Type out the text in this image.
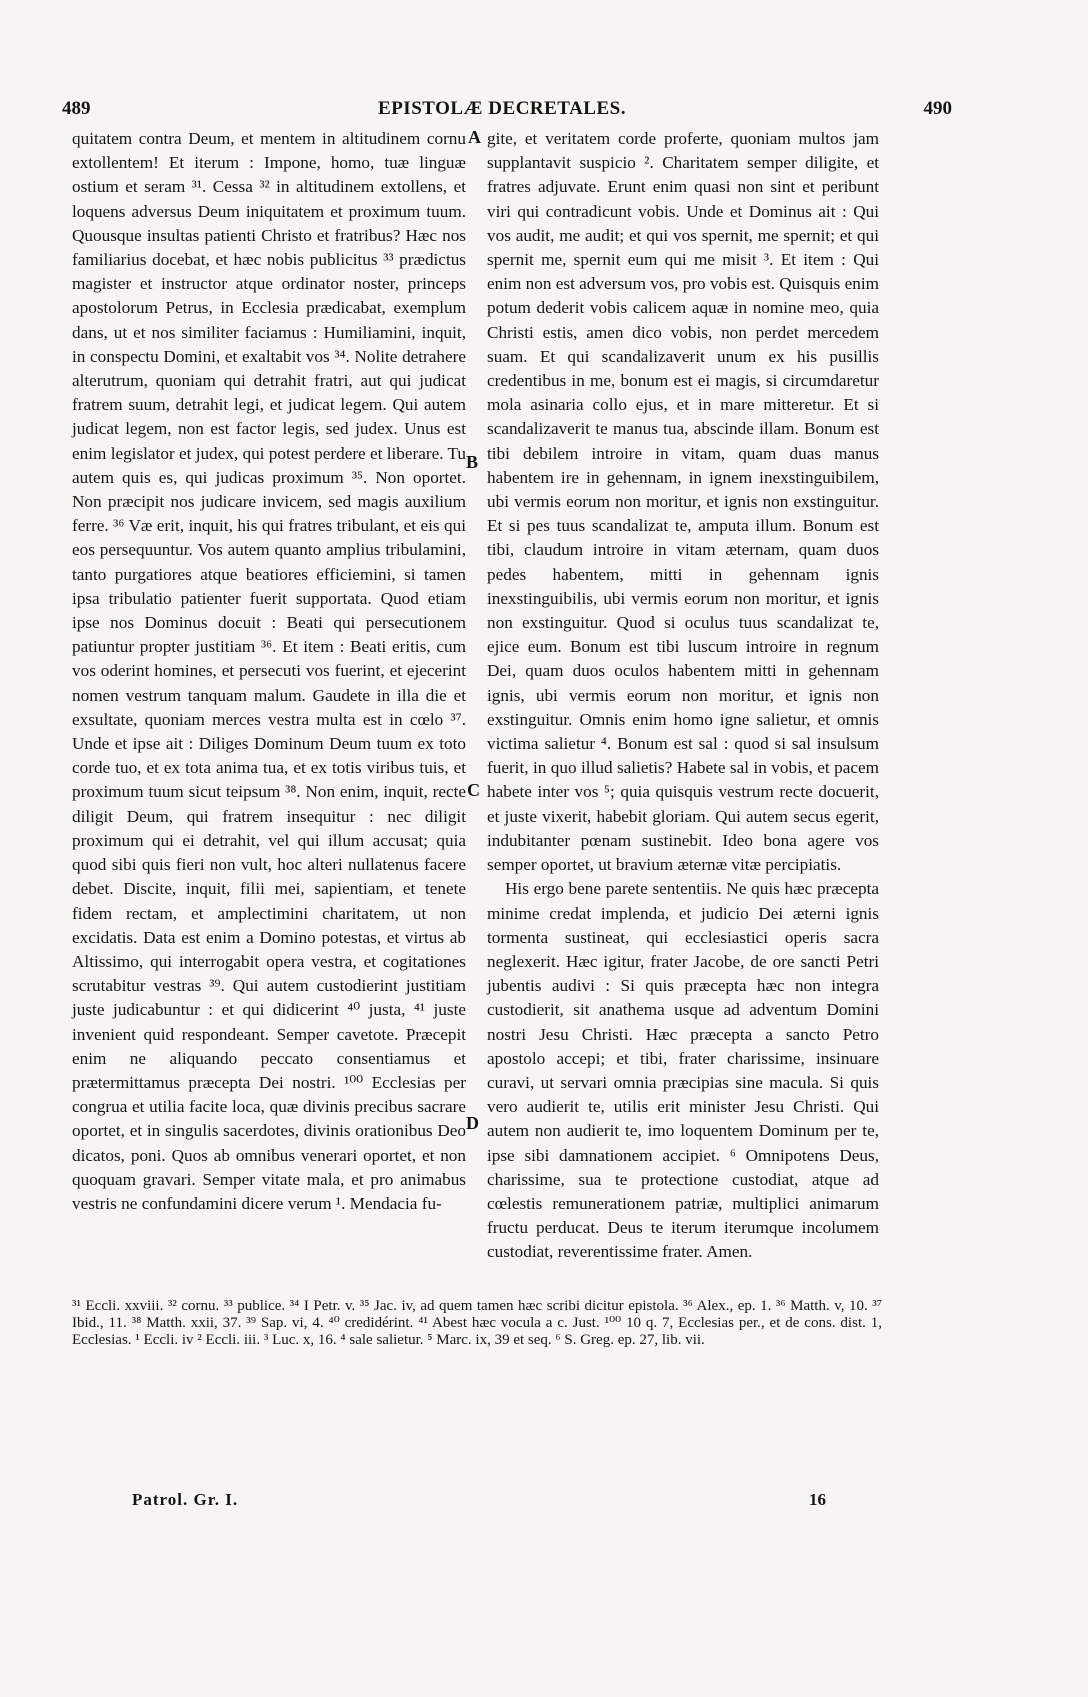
489	EPISTOLÆ DECRETALES.	490

quitatem contra Deum, et mentem in altitudinem cornu extollentem! Et iterum : Impone, homo, tuæ linguæ ostium et seram ³¹. Cessa ³² in altitudinem extollens, et loquens adversus Deum iniquitatem et proximum tuum. Quousque insultas patienti Christo et fratribus? Hæc nos familiarius docebat, et hæc nobis publicitus ³³ prædictus magister et instructor atque ordinator noster, princeps apostolorum Petrus, in Ecclesia prædicabat, exemplum dans, ut et nos similiter faciamus : Humiliamini, inquit, in conspectu Domini, et exaltabit vos ³⁴. Nolite detrahere alterutrum, quoniam qui detrahit fratri, aut qui judicat fratrem suum, detrahit legi, et judicat legem. Qui autem judicat legem, non est factor legis, sed judex. Unus est enim legislator et judex, qui potest perdere et liberare. Tu autem quis es, qui judicas proximum ³⁵. Non oportet. Non præcipit nos judicare invicem, sed magis auxilium ferre. ³⁶ Væ erit, inquit, his qui fratres tribulant, et eis qui eos persequuntur. Vos autem quanto amplius tribulamini, tanto purgatiores atque beatiores efficiemini, si tamen ipsa tribulatio patienter fuerit supportata. Quod etiam ipse nos Dominus docuit : Beati qui persecutionem patiuntur propter justitiam ³⁶. Et item : Beati eritis, cum vos oderint homines, et persecuti vos fuerint, et ejecerint nomen vestrum tanquam malum. Gaudete in illa die et exsultate, quoniam merces vestra multa est in cœlo ³⁷. Unde et ipse ait : Diliges Dominum Deum tuum ex toto corde tuo, et ex tota anima tua, et ex totis viribus tuis, et proximum tuum sicut teipsum ³⁸. Non enim, inquit, recte diligit Deum, qui fratrem insequitur : nec diligit proximum qui ei detrahit, vel qui illum accusat; quia quod sibi quis fieri non vult, hoc alteri nullatenus facere debet. Discite, inquit, filii mei, sapientiam, et tenete fidem rectam, et amplectimini charitatem, ut non excidatis. Data est enim a Domino potestas, et virtus ab Altissimo, qui interrogabit opera vestra, et cogitationes scrutabitur vestras ³⁹. Qui autem custodierint justitiam juste judicabuntur : et qui didicerint ⁴⁰ justa, ⁴¹ juste invenient quid respondeant. Semper cavetote. Præcepit enim ne aliquando peccato consentiamus et prætermittamus præcepta Dei nostri. ¹⁰⁰ Ecclesias per congrua et utilia facite loca, quæ divinis precibus sacrare oportet, et in singulis sacerdotes, divinis orationibus Deo dicatos, poni. Quos ab omnibus venerari oportet, et non quoquam gravari. Semper vitate mala, et pro animabus vestris ne confundamini dicere verum ¹. Mendacia fu-

gite, et veritatem corde proferte, quoniam multos jam supplantavit suspicio ². Charitatem semper diligite, et fratres adjuvate. Erunt enim quasi non sint et peribunt viri qui contradicunt vobis. Unde et Dominus ait : Qui vos audit, me audit; et qui vos spernit, me spernit; et qui spernit me, spernit eum qui me misit ³. Et item : Qui enim non est adversum vos, pro vobis est. Quisquis enim potum dederit vobis calicem aquæ in nomine meo, quia Christi estis, amen dico vobis, non perdet mercedem suam. Et qui scandalizaverit unum ex his pusillis credentibus in me, bonum est ei magis, si circumdaretur mola asinaria collo ejus, et in mare mitteretur. Et si scandalizaverit te manus tua, abscinde illam. Bonum est tibi debilem introire in vitam, quam duas manus habentem ire in gehennam, in ignem inexstinguibilem, ubi vermis eorum non moritur, et ignis non exstinguitur. Et si pes tuus scandalizat te, amputa illum. Bonum est tibi, claudum introire in vitam æternam, quam duos pedes habentem, mitti in gehennam ignis inexstinguibilis, ubi vermis eorum non moritur, et ignis non exstinguitur. Quod si oculus tuus scandalizat te, ejice eum. Bonum est tibi luscum introire in regnum Dei, quam duos oculos habentem mitti in gehennam ignis, ubi vermis eorum non moritur, et ignis non exstinguitur. Omnis enim homo igne salietur, et omnis victima salietur ⁴. Bonum est sal : quod si sal insulsum fuerit, in quo illud salietis? Habete sal in vobis, et pacem habete inter vos ⁵; quia quisquis vestrum recte docuerit, et juste vixerit, habebit gloriam. Qui autem secus egerit, indubitanter pœnam sustinebit. Ideo bona agere vos semper oportet, ut bravium æternæ vitæ percipiatis.

His ergo bene parete sententiis. Ne quis hæc præcepta minime credat implenda, et judicio Dei æterni ignis tormenta sustineat, qui ecclesiastici operis sacra neglexerit. Hæc igitur, frater Jacobe, de ore sancti Petri jubentis audivi : Si quis præcepta hæc non integra custodierit, sit anathema usque ad adventum Domini nostri Jesu Christi. Hæc præcepta a sancto Petro apostolo accepi; et tibi, frater charissime, insinuare curavi, ut servari omnia præcipias sine macula. Si quis vero audierit te, utilis erit minister Jesu Christi. Qui autem non audierit te, imo loquentem Dominum per te, ipse sibi damnationem accipiet. ⁶ Omnipotens Deus, charissime, sua te protectione custodiat, atque ad cœlestis remunerationem patriæ, multiplici animarum fructu perducat. Deus te iterum iterumque incolumem custodiat, reverentissime frater. Amen.

A
B
C
D
³¹ Eccli. xxviii. ³² cornu. ³³ publice. ³⁴ I Petr. v. ³⁵ Jac. iv, ad quem tamen hæc scribi dicitur epistola. ³⁶ Alex., ep. 1. ³⁶ Matth. v, 10. ³⁷ Ibid., 11. ³⁸ Matth. xxii, 37. ³⁹ Sap. vi, 4. ⁴⁰ credidérint. ⁴¹ Abest hæc vocula a c. Just. ¹⁰⁰ 10 q. 7, Ecclesias per., et de cons. dist. 1, Ecclesias. ¹ Eccli. iv ² Eccli. iii. ³ Luc. x, 16. ⁴ sale salietur. ⁵ Marc. ix, 39 et seq. ⁶ S. Greg. ep. 27, lib. vii.
Patrol. Gr. I.	16
